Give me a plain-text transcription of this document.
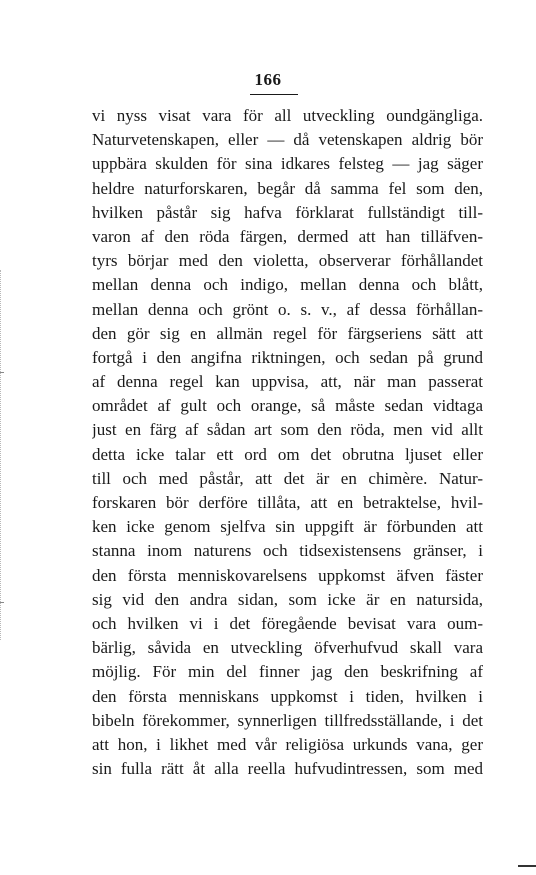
166
vi nyss visat vara för all utveckling oundgängliga.
Naturvetenskapen, eller — då vetenskapen aldrig bör
uppbära skulden för sina idkares felsteg — jag säger
heldre naturforskaren, begår då samma fel som den,
hvilken påstår sig hafva förklarat fullständigt till-
varon af den röda färgen, dermed att han tilläfven-
tyrs börjar med den violetta, observerar förhållandet
mellan denna och indigo, mellan denna och blått,
mellan denna och grönt o. s. v., af dessa förhållan-
den gör sig en allmän regel för färgseriens sätt att
fortgå i den angifna riktningen, och sedan på grund
af denna regel kan uppvisa, att, när man passerat
området af gult och orange, så måste sedan vidtaga
just en färg af sådan art som den röda, men vid allt
detta icke talar ett ord om det obrutna ljuset eller
till och med påstår, att det är en chimère. Natur-
forskaren bör derföre tillåta, att en betraktelse, hvil-
ken icke genom sjelfva sin uppgift är förbunden att
stanna inom naturens och tidsexistensens gränser, i
den första menniskovarelsens uppkomst äfven fäster
sig vid den andra sidan, som icke är en natursida,
och hvilken vi i det föregående bevisat vara oum-
bärlig, såvida en utveckling öfverhufvud skall vara
möjlig. För min del finner jag den beskrifning af
den första menniskans uppkomst i tiden, hvilken i
bibeln förekommer, synnerligen tillfredsställande, i det
att hon, i likhet med vår religiösa urkunds vana, ger
sin fulla rätt åt alla reella hufvudintressen, som med
